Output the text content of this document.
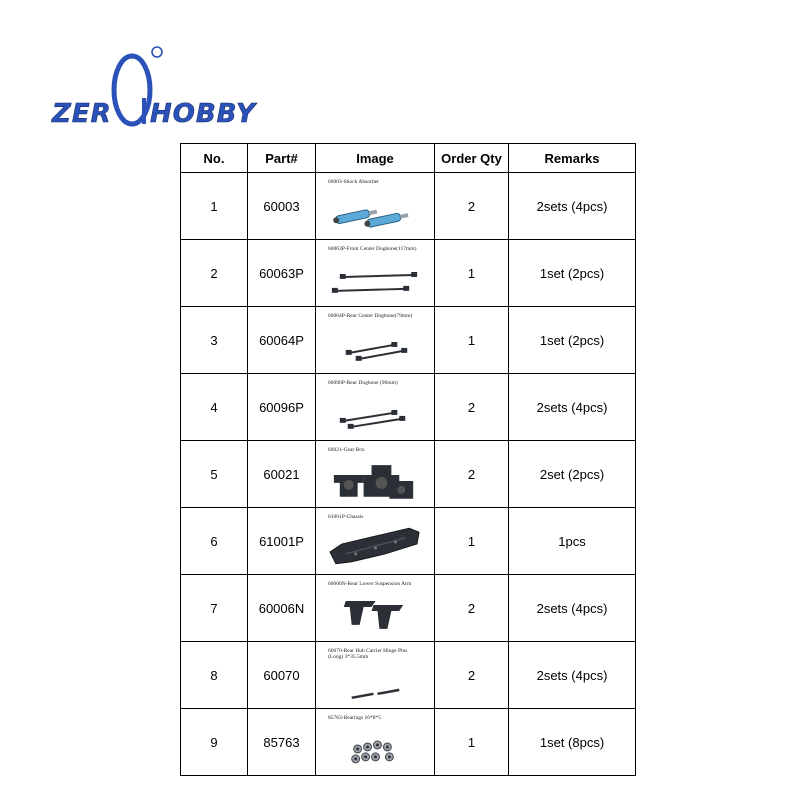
ZER HOBBY
No.	Part#	Image	Order Qty	Remarks
1	60003	60003-Shock Absorber	2	2sets (4pcs)
2	60063P	60063P-Front Center Dogbone(117mm)	1	1set (2pcs)
3	60064P	60064P-Rear Center Dogbone(79mm)	1	1set (2pcs)
4	60096P	60096P-Rear Dogbone (96mm)	2	2sets (4pcs)
5	60021	60021-Gear Box	2	2set (2pcs)
6	61001P	61001P-Chassis	1	1pcs
7	60006N	60006N-Rear Lower Suspension Arm	2	2sets (4pcs)
8	60070	60070-Rear Hub Carrier Hinge Pins (Long) 3*35.5mm	2	2sets (4pcs)
9	85763	85763-Bearings 16*8*5	1	1set (8pcs)
